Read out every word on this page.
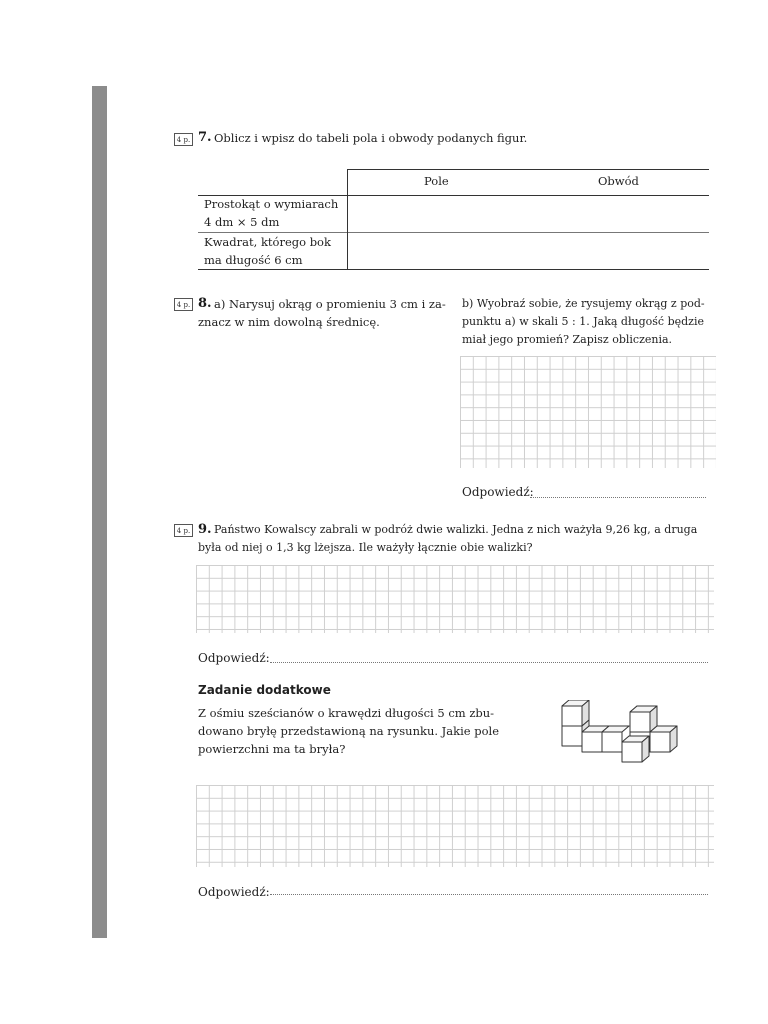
4 p. 7. Oblicz i wpisz do tabeli pola i obwody podanych figur.
Pole	Obwód
Prostokąt o wymiarach
4 dm × 5 dm
Kwadrat, którego bok
ma długość 6 cm
4 p. 8. a) Narysuj okrąg o promieniu 3 cm i za-
znacz w nim dowolną średnicę.
b) Wyobraź sobie, że rysujemy okrąg z pod-
punktu a) w skali 5 : 1. Jaką długość będzie
miał jego promień? Zapisz obliczenia.
Odpowiedź:
4 p. 9. Państwo Kowalscy zabrali w podróż dwie walizki. Jedna z nich ważyła 9,26 kg, a druga
była od niej o 1,3 kg lżejsza. Ile ważyły łącznie obie walizki?
Odpowiedź:
Zadanie dodatkowe
Z ośmiu sześcianów o krawędzi długości 5 cm zbu-
dowano bryłę przedstawioną na rysunku. Jakie pole
powierzchni ma ta bryła?
Odpowiedź:
